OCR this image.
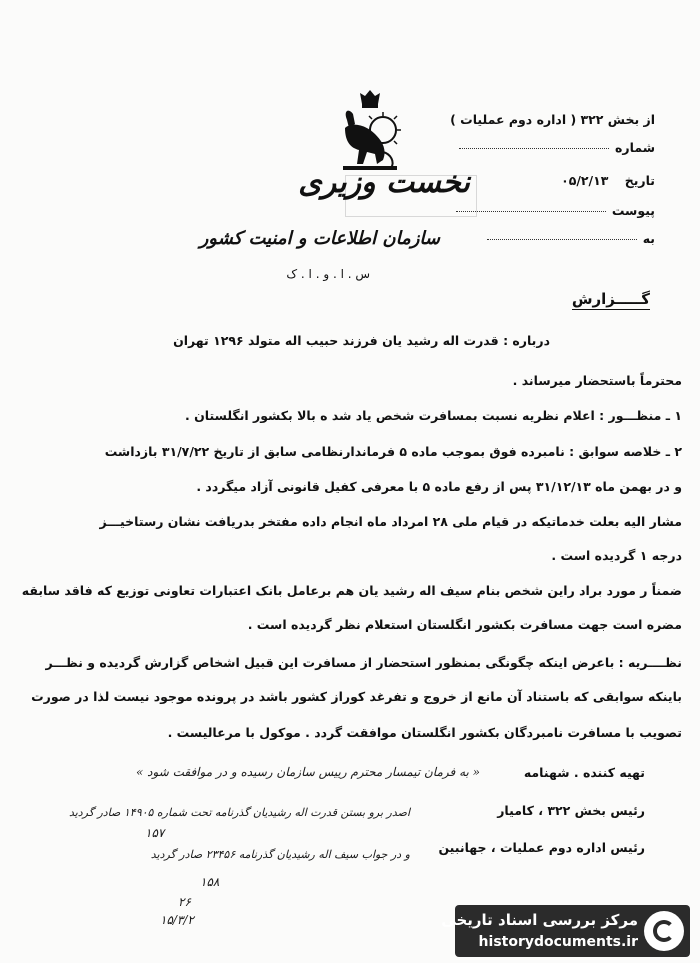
نخست وزیری
سازمان اطلاعات و امنیت کشور
س . ا . و . ا . ک
از بخش ۳۲۲ ( اداره دوم عملیات )
شماره
تاریخ ۰۵/۲/۱۳
پیوست
به
گـــــزارش
درباره : قدرت اله رشید یان فرزند حبیب اله متولد ۱۲۹۶ تهران
محترماً باستحضار میرساند .
۱ ـ منظـــور : اعلام نظریه نسبت بمسافرت شخص یاد شد ه بالا بکشور انگلستان .
۲ ـ خلاصه سوابق : نامبرده فوق بموجب ماده ۵ فرماندارنظامی سابق از تاریخ ۳۱/۷/۲۲ بازداشت
و در بهمن ماه ۳۱/۱۲/۱۳ پس از رفع ماده ۵ با معرفی کفیل قانونی آزاد میگردد .
مشار الیه بعلت خدماتیکه در قیام ملی ۲۸ امرداد ماه انجام داده مفتخر بدریافت نشان رستاخیـــز
درجه ۱ گردیده است .
ضمناً ر مورد براد راین شخص بنام سیف اله رشید یان هم برعامل بانک اعتبارات تعاونی توزیع که فاقد سابقه
مضره است جهت مسافرت بکشور انگلستان استعلام نظر گردیده است .
نظــــریه : باعرض اینکه چگونگی بمنظور استحضار از مسافرت این قبیل اشخاص گزارش گردیده و نظـــر
باینکه سوابقی که باستناد آن مانع از خروج و تفرغد کوراز کشور باشد در پرونده موجود نیست لذا در صورت
تصویب با مسافرت نامبردگان بکشور انگلستان موافقت گردد . موکول با مرعالیست .
« به فرمان تیمسار محترم رییس سازمان رسیده و در موافقت شود »
اصدر برو بستن قدرت اله رشیدیان گذرنامه تحت شماره ۱۴۹۰۵ صادر گردید
۱۵۷
و در جواب سیف اله رشیدیان گذرنامه ۲۳۴۵۶ صادر گردید
۱۵۸
۲۶
۱۵/۳/۲
تهیه کننده . شهنامه
رئیس بخش ۳۲۲ ، کامیار
رئیس اداره دوم عملیات ، جهانبین
مرکز بررسی اسناد تاریخی
historydocuments.ir
